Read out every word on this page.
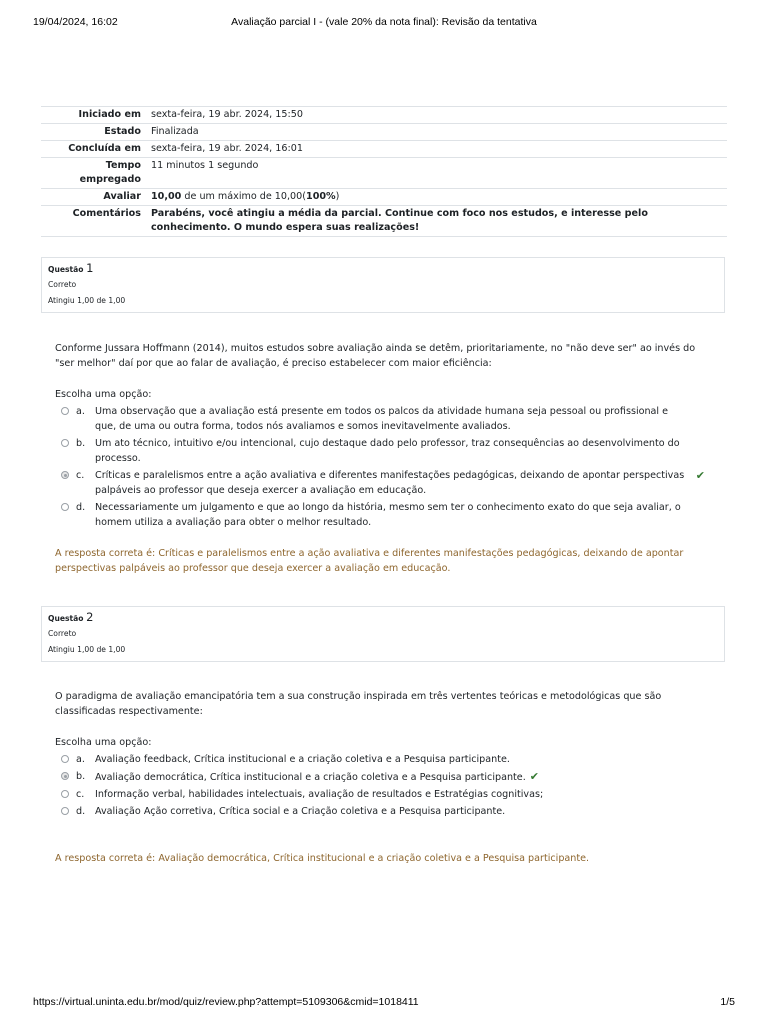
19/04/2024, 16:02	Avaliação parcial I - (vale 20% da nota final): Revisão da tentativa
Iniciado em	sexta-feira, 19 abr. 2024, 15:50
Estado	Finalizada
Concluída em	sexta-feira, 19 abr. 2024, 16:01
Tempo empregado	11 minutos 1 segundo
Avaliar	10,00 de um máximo de 10,00(100%)
Comentários	Parabéns, você atingiu a média da parcial. Continue com foco nos estudos, e interesse pelo conhecimento. O mundo espera suas realizações!
Questão 1
Correto
Atingiu 1,00 de 1,00

Conforme Jussara Hoffmann (2014), muitos estudos sobre avaliação ainda se detêm, prioritariamente, no "não deve ser" ao invés do "ser melhor" daí por que ao falar de avaliação, é preciso estabelecer com maior eficiência:

Escolha uma opção:

a. Uma observação que a avaliação está presente em todos os palcos da atividade humana seja pessoal ou profissional e que, de uma ou outra forma, todos nós avaliamos e somos inevitavelmente avaliados.
b. Um ato técnico, intuitivo e/ou intencional, cujo destaque dado pelo professor, traz consequências ao desenvolvimento do processo.
c. Críticas e paralelismos entre a ação avaliativa e diferentes manifestações pedagógicas, deixando de apontar perspectivas palpáveis ao professor que deseja exercer a avaliação em educação.
✔
d. Necessariamente um julgamento e que ao longo da história, mesmo sem ter o conhecimento exato do que seja avaliar, o homem utiliza a avaliação para obter o melhor resultado.
A resposta correta é: Críticas e paralelismos entre a ação avaliativa e diferentes manifestações pedagógicas, deixando de apontar perspectivas palpáveis ao professor que deseja exercer a avaliação em educação.
Questão 2
Correto
Atingiu 1,00 de 1,00

O paradigma de avaliação emancipatória tem a sua construção inspirada em três vertentes teóricas e metodológicas que são classificadas respectivamente:

Escolha uma opção:

a. Avaliação feedback, Crítica institucional e a criação coletiva e a Pesquisa participante.
b. Avaliação democrática, Crítica institucional e a criação coletiva e a Pesquisa participante. ✔
c. Informação verbal, habilidades intelectuais, avaliação de resultados e Estratégias cognitivas;
d. Avaliação Ação corretiva, Crítica social e a Criação coletiva e a Pesquisa participante.
A resposta correta é: Avaliação democrática, Crítica institucional e a criação coletiva e a Pesquisa participante.
https://virtual.uninta.edu.br/mod/quiz/review.php?attempt=5109306&cmid=1018411	1/5
